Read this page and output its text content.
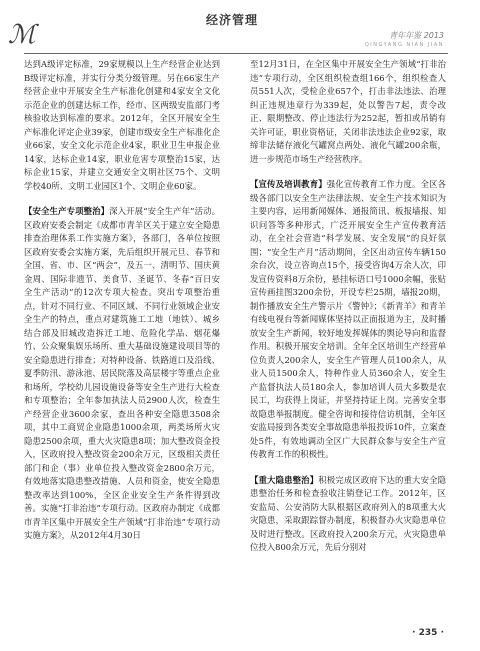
ℳ	经济管理
青年年鉴 2013
QINGYANG NIAN JIAN

达到A级评定标准，29家规模以上生产经营企业达到B级评定标准，并实行分类分级管理。另在66家生产经营企业中开展安全生产标准化创建和4家安全文化示范企业的创建达标工作，经市、区两级安监部门考核验收达到标准的要求。2012年，全区开展安全生产标准化评定企业39家，创建市级安全生产标准化企业66家，安全文化示范企业4家，职业卫生申报企业14家，达标企业14家，职业危害专项整治15家，达标企业15家，并建立交通安全文明社区75个、文明学校40所、文明工业园区1个、文明企业60家。

【安全生产专项整治】深入开展“安全生产年”活动。区政府安委会制定《成都市青羊区关于建立安全隐患排查治理体系工作实施方案》，各部门，各单位按照区政府安委会实施方案，先后组织开展元旦、春节和全国、省、市、区“两会”，及五一、清明节、国庆黄金周、国际非遗节、美食节、圣诞节、冬春“百日安全生产活动”的12次专项大检查。突出专项整治重点，针对不同行业、不同区域、不同行业领域企业安全生产的特点，重点对建筑施工工地（地铁）、城乡结合部及旧城改造拆迁工地、危险化学品、烟花爆竹、公众聚集娱乐场所、重大基础设施建设项目等的安全隐患进行排查；对特种设备、铁路道口及沿线、夏季防汛、游泳池、居民院落及高层楼宇等重点企业和场所，学校幼儿园设施设备等安全生产进行大检查和专项整治；全年参加执法人员2900人次，检查生产经营企业3600余家，查出各种安全隐患3508余项，其中工商贸企业隐患1000余项，两类场所火灾隐患2500余项，重大火灾隐患8项；加大整改资金投入，区政府投入整改资金200余万元，区级相关责任部门和企（事）业单位投入整改资金2800余万元，有效地落实隐患整改措施、人员和资金，使安全隐患整改率达到100%，全区企业安全生产条件得到改善。实施“打非治违”专项行动。区政府办制定《成都市青羊区集中开展安全生产领域“打非治违”专项行动实施方案》，从2012年4月30日

至12月31日，在全区集中开展安全生产领域“打非治违”专项行动，全区组织检查组166个，组织检查人员551人次，受检企业657个，打击非法违法、治理纠正违规违章行为339起，处以警告7起，责令改正、限期整改、停止违法行为252起，暂扣或吊销有关许可证，职业资格证，关闭非法违法企业92家，取缔非法储存液化气罐窝点两处、液化气罐200余瓶，进一步规范市场生产经营秩序。

【宣传及培训教育】强化宣传教育工作力度。全区各级各部门以安全生产法律法规、安全生产技术知识为主要内容，运用新闻媒体、通报简讯、板报墙报、知识问答等多种形式，广泛开展安全生产宣传教育活动，在全社会营造“科学发展、安全发展”的良好氛围；“安全生产月”活动期间，全区出动宣传车辆150余台次，设立咨询点15个，接受咨询4万余人次，印发宣传资料8万余份，悬挂标语口号1000余幅，张贴宣传画挂图3200余份，开设专栏25期，墙报20期，制作播放安全生产警示片《警钟》；《新青羊》和青羊有线电视台等新闻媒体坚持以正面报道为主，及时播放安全生产新闻，较好地发挥媒体的舆论导向和监督作用。积极开展安全培训。全年全区培训生产经营单位负责人200余人，安全生产管理人员100余人，从业人员1500余人，特种作业人员360余人，安全生产监督执法人员180余人，参加培训人员大多数是农民工，均获得上岗证，并坚持持证上岗。完善安全事故隐患举报制度。健全咨询和接待信访机制，全年区安监局接到各类安全事故隐患举报投诉10件，立案查处5件，有效地调动全区广大民群众参与安全生产宣传教育工作的积极性。

【重大隐患整治】积极完成区政府下达的重大安全隐患整治任务和检查验收注销登记工作。2012年，区安监局、公安消防大队根据区政府列入的8项重大火灾隐患，采取跟踪督办制度，积极督办火灾隐患单位及时进行整改。区政府投入200余万元，火灾隐患单位投入800余万元，先后分别对

· 235 ·
